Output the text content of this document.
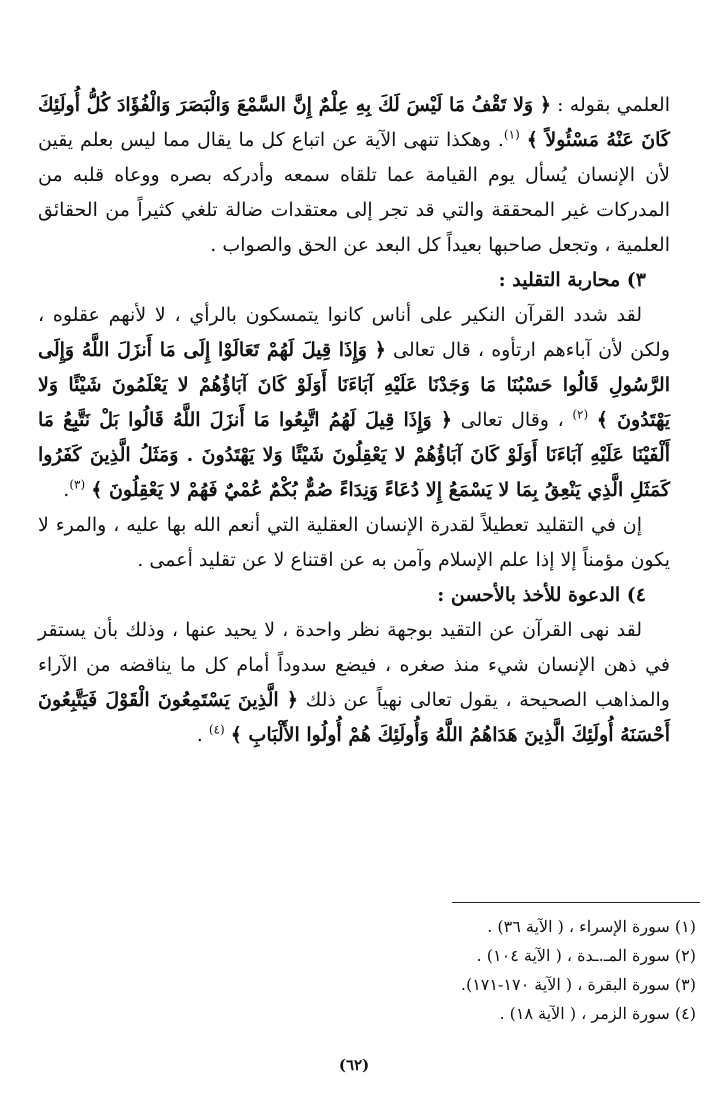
العلمي بقوله : ﴿ وَلا تَقْفُ مَا لَيْسَ لَكَ بِهِ عِلْمٌ إِنَّ السَّمْعَ وَالْبَصَرَ وَالْفُؤَادَ كُلُّ أُولَئِكَ كَانَ عَنْهُ مَسْئُولاً ﴾ $^{(١)}$. وهكذا تنهى الآية عن اتباع كل ما يقال مما ليس بعلم يقين لأن الإنسان يُسأل يوم القيامة عما تلقاه سمعه وأدركه بصره ووعاه قلبه من المدركات غير المحققة والتي قد تجر إلى معتقدات ضالة تلغي كثيراً من الحقائق العلمية ، وتجعل صاحبها بعيداً كل البعد عن الحق والصواب .

٣) محاربة التقليد :

لقد شدد القرآن النكير على أناس كانوا يتمسكون بالرأي ، لا لأنهم عقلوه ، ولكن لأن آباءهم ارتأوه ، قال تعالى ﴿ وَإِذَا قِيلَ لَهُمْ تَعَالَوْا إِلَى مَا أَنزَلَ اللَّهُ وَإِلَى الرَّسُولِ قَالُوا حَسْبُنَا مَا وَجَدْنَا عَلَيْهِ آبَاءَنَا أَوَلَوْ كَانَ آبَاؤُهُمْ لا يَعْلَمُونَ شَيْئًا وَلا يَهْتَدُونَ ﴾ $^{(٢)}$ ، وقال تعالى ﴿ وَإِذَا قِيلَ لَهُمُ اتَّبِعُوا مَا أَنزَلَ اللَّهُ قَالُوا بَلْ نَتَّبِعُ مَا أَلْفَيْنَا عَلَيْهِ آبَاءَنَا أَوَلَوْ كَانَ آبَاؤُهُمْ لا يَعْقِلُونَ شَيْئًا وَلا يَهْتَدُونَ . وَمَثَلُ الَّذِينَ كَفَرُوا كَمَثَلِ الَّذِي يَنْعِقُ بِمَا لا يَسْمَعُ إِلا دُعَاءً وَنِدَاءً صُمٌّ بُكْمٌ عُمْيٌ فَهُمْ لا يَعْقِلُونَ ﴾ $^{(٣)}$.

إن في التقليد تعطيلاً لقدرة الإنسان العقلية التي أنعم الله بها عليه ، والمرء لا يكون مؤمناً إلا إذا علم الإسلام وآمن به عن اقتناع لا عن تقليد أعمى .

٤) الدعوة للأخذ بالأحسن :

لقد نهى القرآن عن التقيد بوجهة نظر واحدة ، لا يحيد عنها ، وذلك بأن يستقر في ذهن الإنسان شيء منذ صغره ، فيضع سدوداً أمام كل ما يناقضه من الآراء والمذاهب الصحيحة ، يقول تعالى نهياً عن ذلك ﴿ الَّذِينَ يَسْتَمِعُونَ الْقَوْلَ فَيَتَّبِعُونَ أَحْسَنَهُ أُولَئِكَ الَّذِينَ هَدَاهُمُ اللَّهُ وَأُولَئِكَ هُمْ أُولُوا الأَلْبَابِ ﴾ $^{(٤)}$ .

(١) سورة الإسراء ، ( الآية ٣٦) .
(٢) سورة المـ.ـدة ، ( الآية ١٠٤) .
(٣) سورة البقرة ، ( الآية ١٧٠-١٧١).
(٤) سورة الزمر ، ( الآية ١٨) .
(٦٢)
